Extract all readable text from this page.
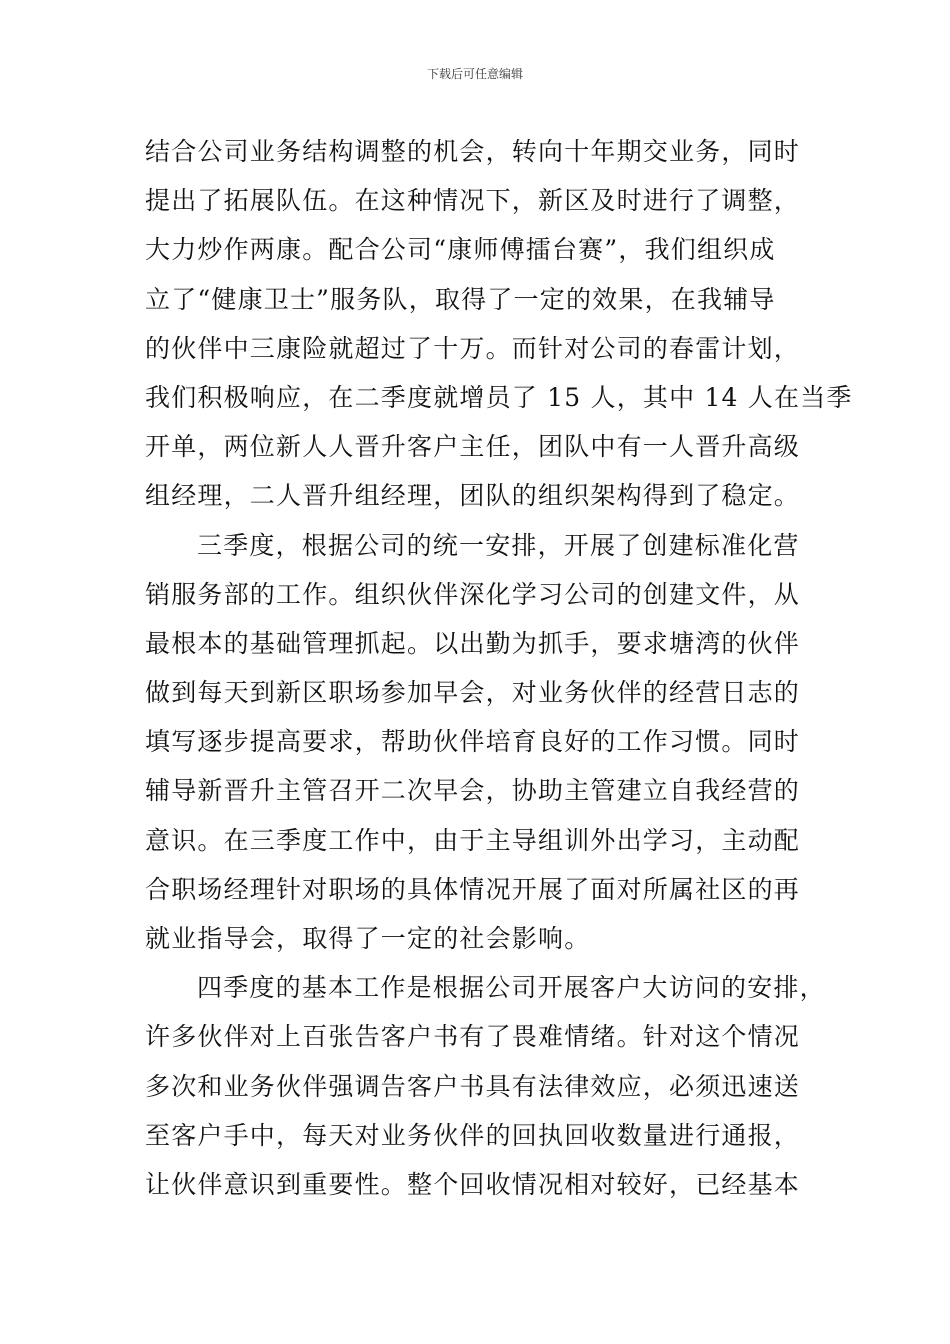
下载后可任意编辑
结合公司业务结构调整的机会，转向十年期交业务，同时
提出了拓展队伍。在这种情况下，新区及时进行了调整，
大力炒作两康。配合公司“康师傅擂台赛”，我们组织成
立了“健康卫士”服务队，取得了一定的效果，在我辅导
的伙伴中三康险就超过了十万。而针对公司的春雷计划，
我们积极响应，在二季度就增员了 15 人，其中 14 人在当季
开单，两位新人人晋升客户主任，团队中有一人晋升高级
组经理，二人晋升组经理，团队的组织架构得到了稳定。
三季度，根据公司的统一安排，开展了创建标准化营
销服务部的工作。组织伙伴深化学习公司的创建文件，从
最根本的基础管理抓起。以出勤为抓手，要求塘湾的伙伴
做到每天到新区职场参加早会，对业务伙伴的经营日志的
填写逐步提高要求，帮助伙伴培育良好的工作习惯。同时
辅导新晋升主管召开二次早会，协助主管建立自我经营的
意识。在三季度工作中，由于主导组训外出学习，主动配
合职场经理针对职场的具体情况开展了面对所属社区的再
就业指导会，取得了一定的社会影响。
四季度的基本工作是根据公司开展客户大访问的安排，
许多伙伴对上百张告客户书有了畏难情绪。针对这个情况
多次和业务伙伴强调告客户书具有法律效应，必须迅速送
至客户手中，每天对业务伙伴的回执回收数量进行通报，
让伙伴意识到重要性。整个回收情况相对较好，已经基本
